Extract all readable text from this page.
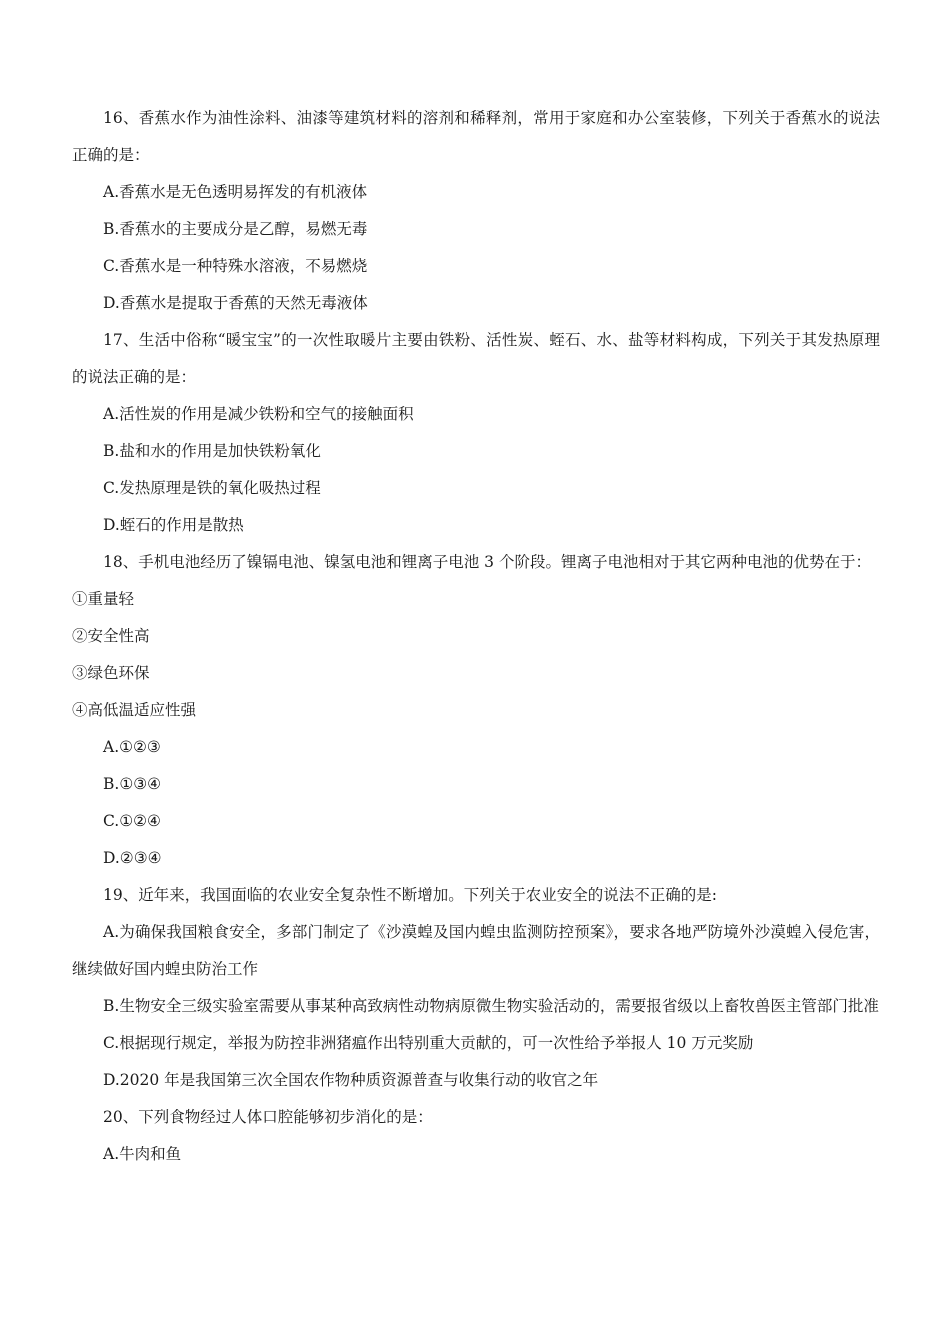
16、香蕉水作为油性涂料、油漆等建筑材料的溶剂和稀释剂，常用于家庭和办公室装修，下列关于香蕉水的说法正确的是：
A.香蕉水是无色透明易挥发的有机液体
B.香蕉水的主要成分是乙醇，易燃无毒
C.香蕉水是一种特殊水溶液，不易燃烧
D.香蕉水是提取于香蕉的天然无毒液体
17、生活中俗称“暖宝宝”的一次性取暖片主要由铁粉、活性炭、蛭石、水、盐等材料构成，下列关于其发热原理的说法正确的是：
A.活性炭的作用是减少铁粉和空气的接触面积
B.盐和水的作用是加快铁粉氧化
C.发热原理是铁的氧化吸热过程
D.蛭石的作用是散热
18、手机电池经历了镍镉电池、镍氢电池和锂离子电池 3 个阶段。锂离子电池相对于其它两种电池的优势在于：
①重量轻
②安全性高
③绿色环保
④高低温适应性强
A.①②③
B.①③④
C.①②④
D.②③④
19、近年来，我国面临的农业安全复杂性不断增加。下列关于农业安全的说法不正确的是:
A.为确保我国粮食安全，多部门制定了《沙漠蝗及国内蝗虫监测防控预案》，要求各地严防境外沙漠蝗入侵危害，继续做好国内蝗虫防治工作
B.生物安全三级实验室需要从事某种高致病性动物病原微生物实验活动的，需要报省级以上畜牧兽医主管部门批准
C.根据现行规定，举报为防控非洲猪瘟作出特别重大贡献的，可一次性给予举报人 10 万元奖励
D.2020 年是我国第三次全国农作物种质资源普查与收集行动的收官之年
20、下列食物经过人体口腔能够初步消化的是：
A.牛肉和鱼
